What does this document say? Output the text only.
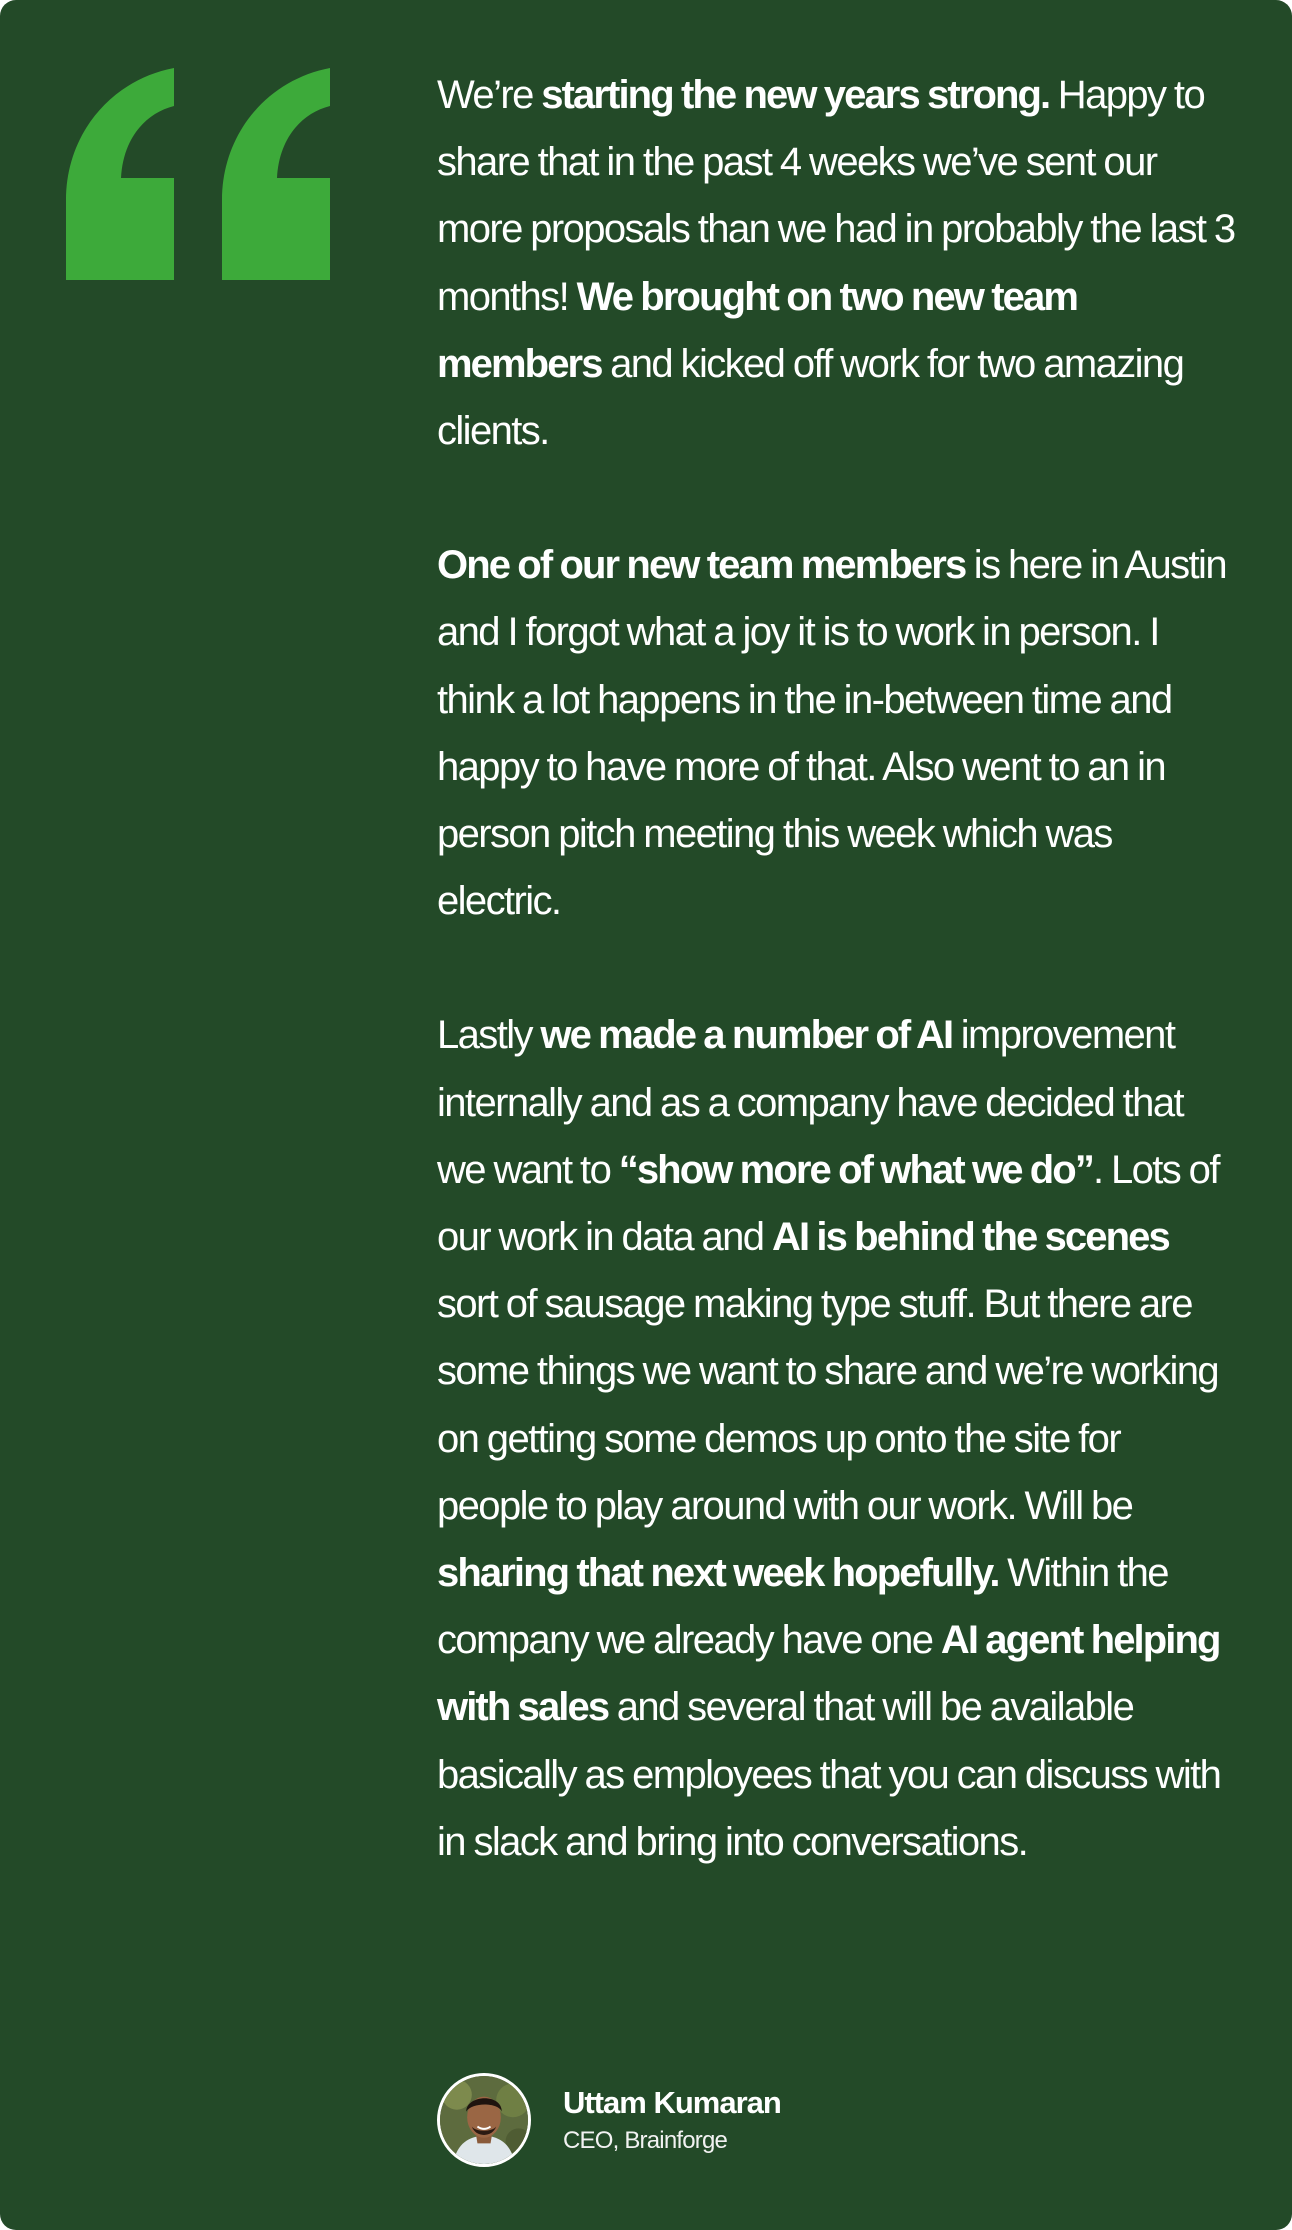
We’re starting the new years strong. Happy to share that in the past 4 weeks we’ve sent our more proposals than we had in probably the last 3 months! We brought on two new team members and kicked off work for two amazing clients.

One of our new team members is here in Austin and I forgot what a joy it is to work in person. I think a lot happens in the in-between time and happy to have more of that. Also went to an in person pitch meeting this week which was electric.

Lastly we made a number of AI improvement internally and as a company have decided that we want to “show more of what we do”. Lots of our work in data and AI is behind the scenes sort of sausage making type stuff. But there are some things we want to share and we’re working on getting some demos up onto the site for people to play around with our work. Will be sharing that next week hopefully. Within the company we already have one AI agent helping with sales and several that will be available basically as employees that you can discuss with in slack and bring into conversations.

Uttam Kumaran
CEO, Brainforge
